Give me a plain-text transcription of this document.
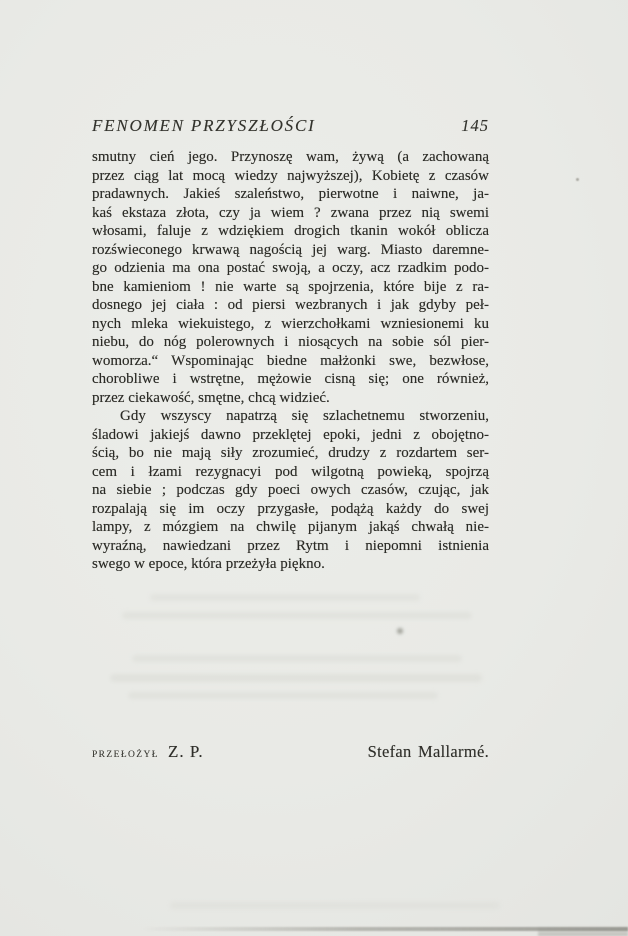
FENOMEN PRZYSZŁOŚCI	145
smutny cień jego. Przynoszę wam, żywą (a zachowaną
przez ciąg lat mocą wiedzy najwyższej), Kobietę z czasów
pradawnych. Jakieś szaleństwo, pierwotne i naiwne, ja-
kaś ekstaza złota, czy ja wiem ? zwana przez nią swemi
włosami, faluje z wdziękiem drogich tkanin wokół oblicza
rozświeconego krwawą nagością jej warg. Miasto daremne-
go odzienia ma ona postać swoją, a oczy, acz rzadkim podo-
bne kamieniom ! nie warte są spojrzenia, które bije z ra-
dosnego jej ciała : od piersi wezbranych i jak gdyby peł-
nych mleka wiekuistego, z wierzchołkami wzniesionemi ku
niebu, do nóg polerownych i niosących na sobie sól pier-
womorza.“ Wspominając biedne małżonki swe, bezwłose,
chorobliwe i wstrętne, mężowie cisną się; one również,
przez ciekawość, smętne, chcą widzieć.
Gdy wszyscy napatrzą się szlachetnemu stworzeniu,
śladowi jakiejś dawno przeklętej epoki, jedni z obojętno-
ścią, bo nie mają siły zrozumieć, drudzy z rozdartem ser-
cem i łzami rezygnacyi pod wilgotną powieką, spojrzą
na siebie ; podczas gdy poeci owych czasów, czując, jak
rozpalają się im oczy przygasłe, podążą każdy do swej
lampy, z mózgiem na chwilę pijanym jakąś chwałą nie-
wyraźną, nawiedzani przez Rytm i niepomni istnienia
swego w epoce, która przeżyła piękno.
PRZEŁOŻYŁ Z. P.	Stefan Mallarmé.
